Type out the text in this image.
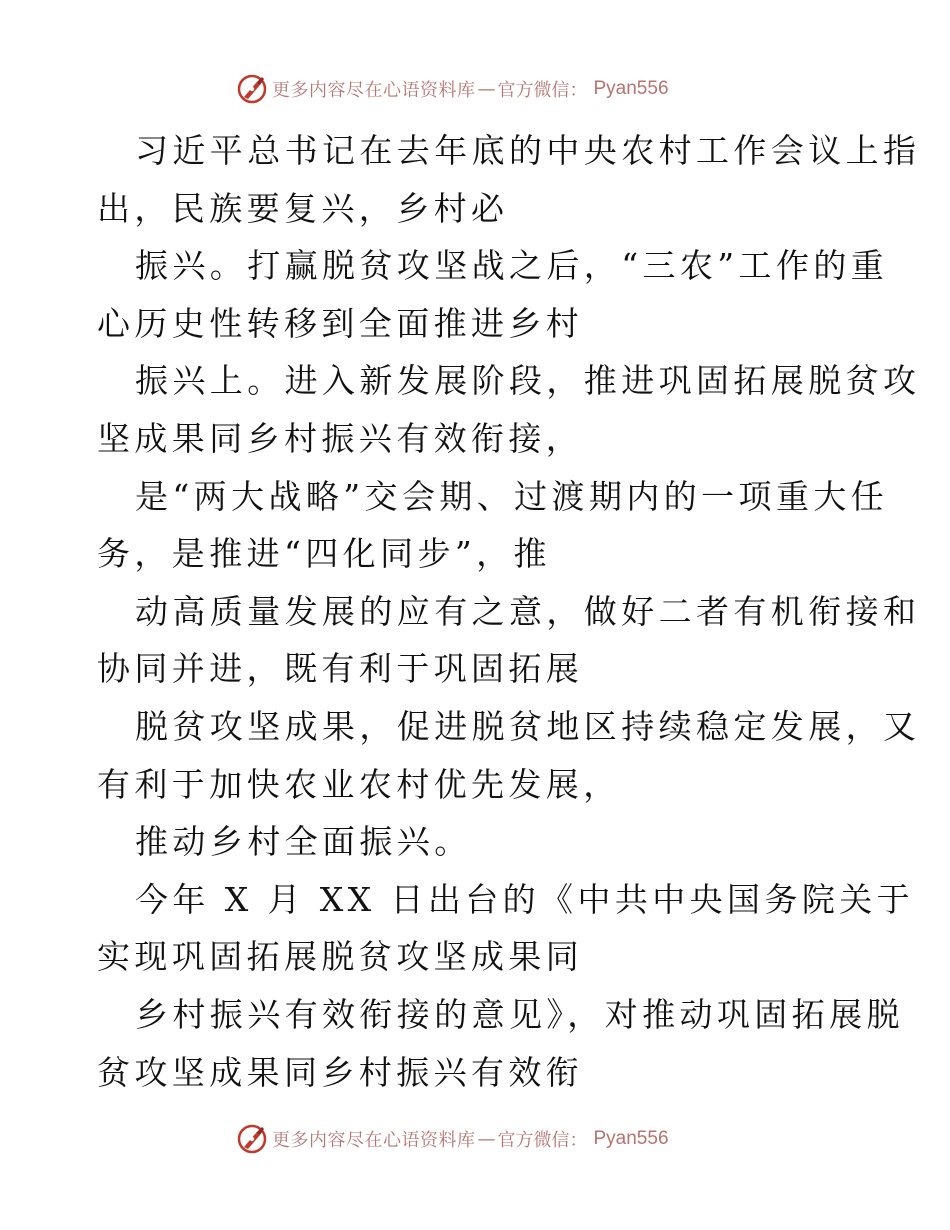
更多内容尽在心语资料库 — 官方微信： Pyan556
习近平总书记在去年底的中央农村工作会议上指
出，民族要复兴，乡村必
振兴。打赢脱贫攻坚战之后，“三农”工作的重
心历史性转移到全面推进乡村
振兴上。进入新发展阶段，推进巩固拓展脱贫攻
坚成果同乡村振兴有效衔接，
是“两大战略”交会期、过渡期内的一项重大任
务，是推进“四化同步”，推
动高质量发展的应有之意，做好二者有机衔接和
协同并进，既有利于巩固拓展
脱贫攻坚成果，促进脱贫地区持续稳定发展，又
有利于加快农业农村优先发展，
推动乡村全面振兴。
今年 X 月 XX 日出台的《中共中央国务院关于
实现巩固拓展脱贫攻坚成果同
乡村振兴有效衔接的意见》，对推动巩固拓展脱
贫攻坚成果同乡村振兴有效衔
更多内容尽在心语资料库 — 官方微信： Pyan556
